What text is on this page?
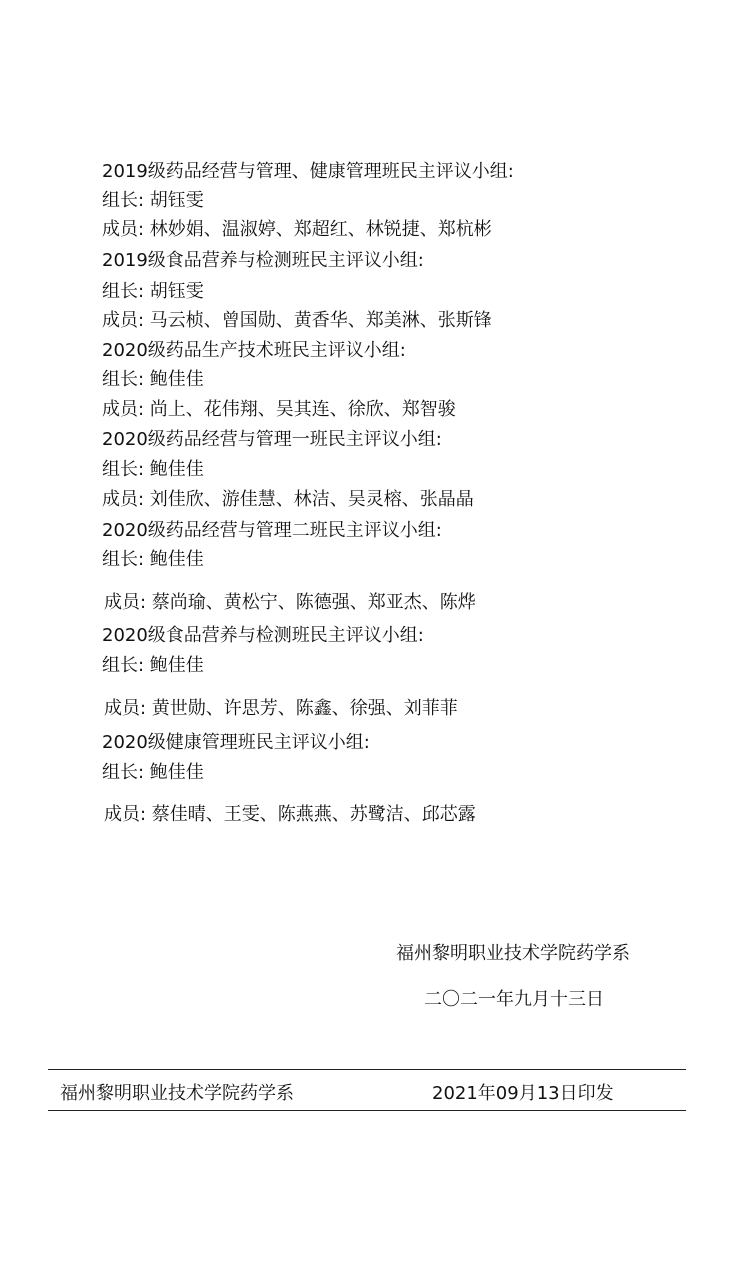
2019级药品经营与管理、健康管理班民主评议小组:
组长: 胡钰雯
成员: 林妙娟、温淑婷、郑超红、林锐捷、郑杭彬
2019级食品营养与检测班民主评议小组:
组长: 胡钰雯
成员: 马云桢、曾国勋、黄香华、郑美淋、张斯锋
2020级药品生产技术班民主评议小组:
组长: 鲍佳佳
成员: 尚上、花伟翔、吴其连、徐欣、郑智骏
2020级药品经营与管理一班民主评议小组:
组长: 鲍佳佳
成员: 刘佳欣、游佳慧、林洁、吴灵榕、张晶晶
2020级药品经营与管理二班民主评议小组:
组长: 鲍佳佳
成员: 蔡尚瑜、黄松宁、陈德强、郑亚杰、陈烨
2020级食品营养与检测班民主评议小组:
组长: 鲍佳佳
成员: 黄世勋、许思芳、陈鑫、徐强、刘菲菲
2020级健康管理班民主评议小组:
组长: 鲍佳佳
成员: 蔡佳晴、王雯、陈燕燕、苏鹭洁、邱芯露
福州黎明职业技术学院药学系
二〇二一年九月十三日
福州黎明职业技术学院药学系	2021年09月13日印发
